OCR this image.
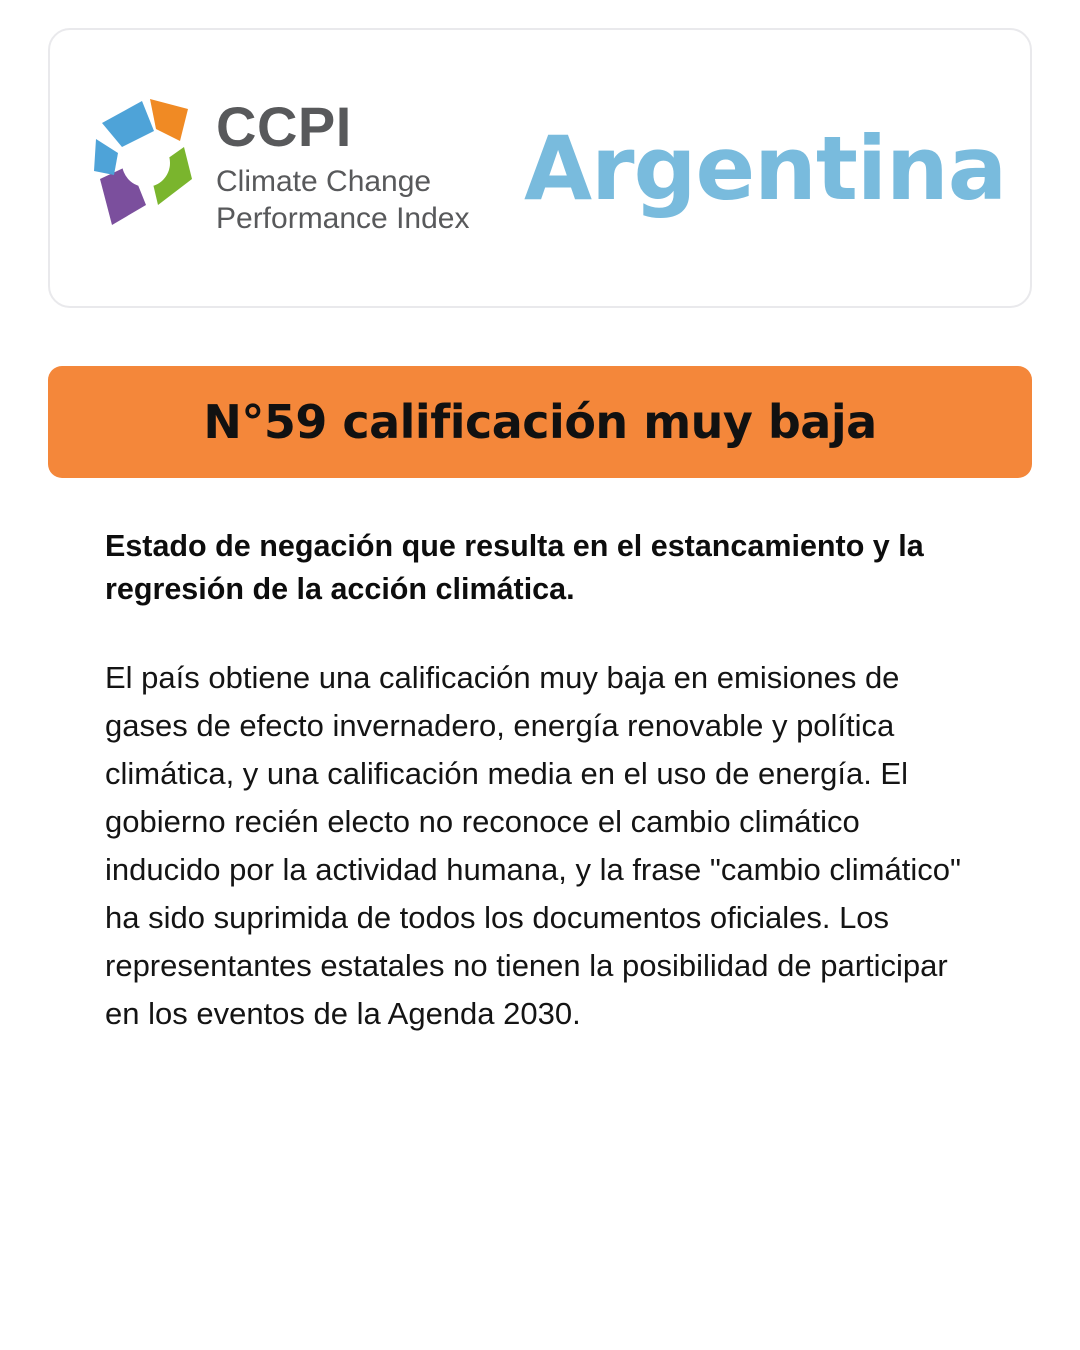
CCPI
Climate Change
Performance Index Argentina
N°59 calificación muy baja

Estado de negación que resulta en el estancamiento y la regresión de la acción climática.

El país obtiene una calificación muy baja en emisiones de gases de efecto invernadero, energía renovable y política climática, y una calificación media en el uso de energía. El gobierno recién electo no reconoce el cambio climático inducido por la actividad humana, y la frase "cambio climático" ha sido suprimida de todos los documentos oficiales. Los representantes estatales no tienen la posibilidad de participar en los eventos de la Agenda 2030.
